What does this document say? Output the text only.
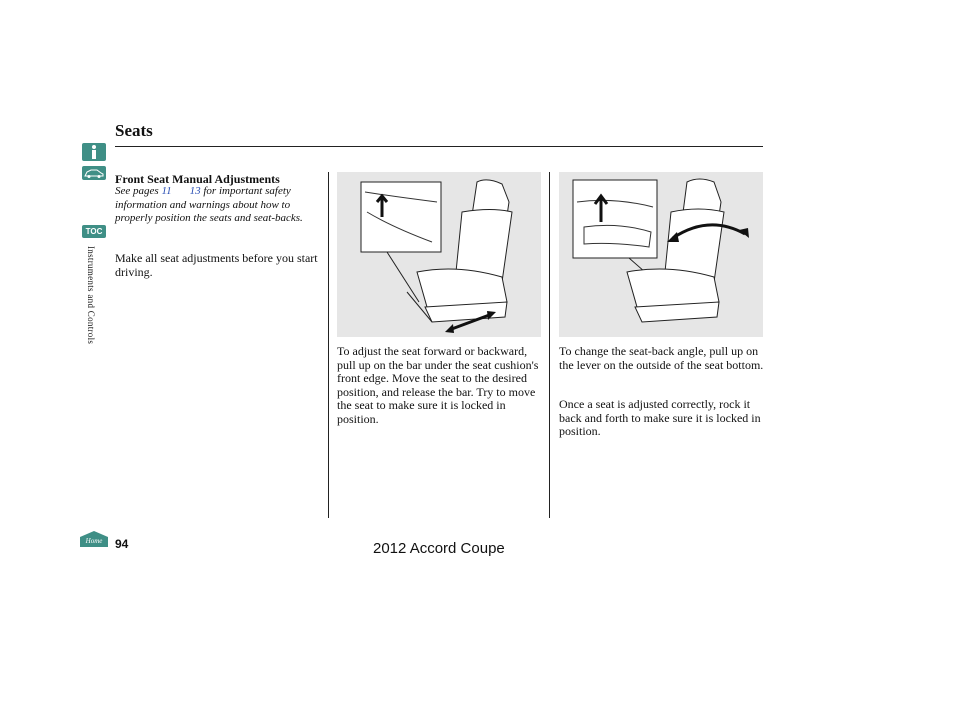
Seats
TOC
Instruments and Controls
Front Seat Manual Adjustments
See pages 11 13 for important safety information and warnings about how to properly position the seats and seat-backs.
Make all seat adjustments before you start driving.
To adjust the seat forward or backward, pull up on the bar under the seat cushion's front edge. Move the seat to the desired position, and release the bar. Try to move the seat to make sure it is locked in position.
To change the seat-back angle, pull up on the lever on the outside of the seat bottom.
Once a seat is adjusted correctly, rock it back and forth to make sure it is locked in position.
Home 94	2012 Accord Coupe
